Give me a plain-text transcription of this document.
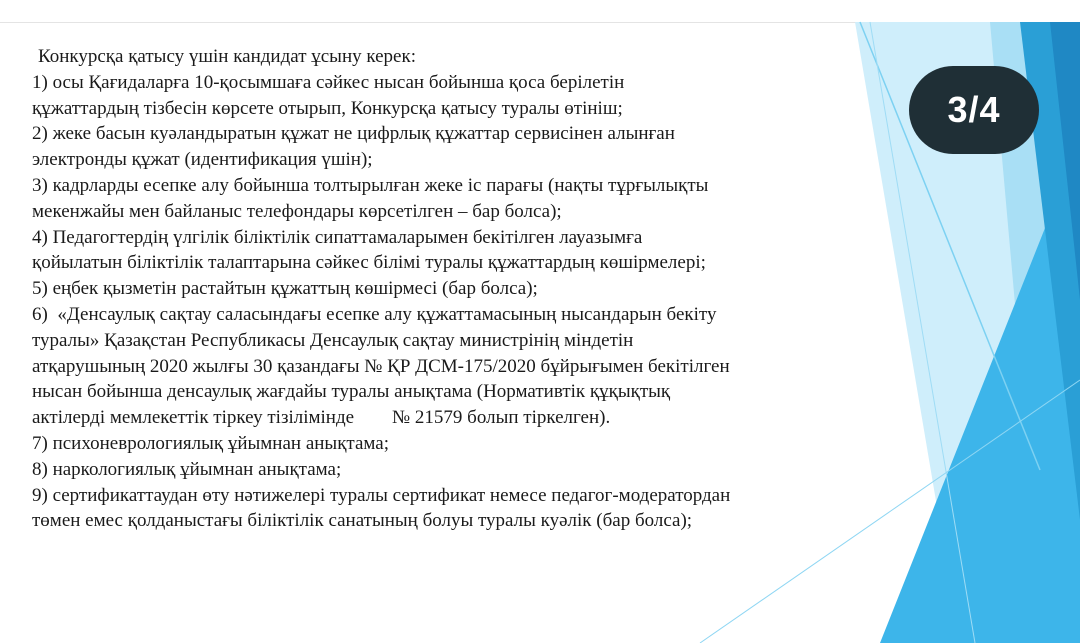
3/4
Конкурсқа қатысу үшін кандидат ұсыну керек:
1) осы Қағидаларға 10-қосымшаға сәйкес нысан бойынша қоса берілетін
құжаттардың тізбесін көрсете отырып, Конкурсқа қатысу туралы өтініш;
2) жеке басын куәландыратын құжат не цифрлық құжаттар сервисінен алынған
электронды құжат (идентификация үшін);
3) кадрларды есепке алу бойынша толтырылған жеке іс парағы (нақты тұрғылықты
мекенжайы мен байланыс телефондары көрсетілген – бар болса);
4) Педагогтердің үлгілік біліктілік сипаттамаларымен бекітілген лауазымға
қойылатын біліктілік талаптарына сәйкес білімі туралы құжаттардың көшірмелері;
5) еңбек қызметін растайтын құжаттың көшірмесі (бар болса);
6)  «Денсаулық сақтау саласындағы есепке алу құжаттамасының нысандарын бекіту
туралы» Қазақстан Республикасы Денсаулық сақтау министрінің міндетін
атқарушының 2020 жылғы 30 қазандағы № ҚР ДСМ-175/2020 бұйрығымен бекітілген
нысан бойынша денсаулық жағдайы туралы анықтама (Нормативтік құқықтық
актілерді мемлекеттік тіркеу тізілімінде        № 21579 болып тіркелген).
7) психоневрологиялық ұйымнан анықтама;
8) наркологиялық ұйымнан анықтама;
9) сертификаттаудан өту нәтижелері туралы сертификат немесе педагог-модератордан
төмен емес қолданыстағы біліктілік санатының болуы туралы куәлік (бар болса);
